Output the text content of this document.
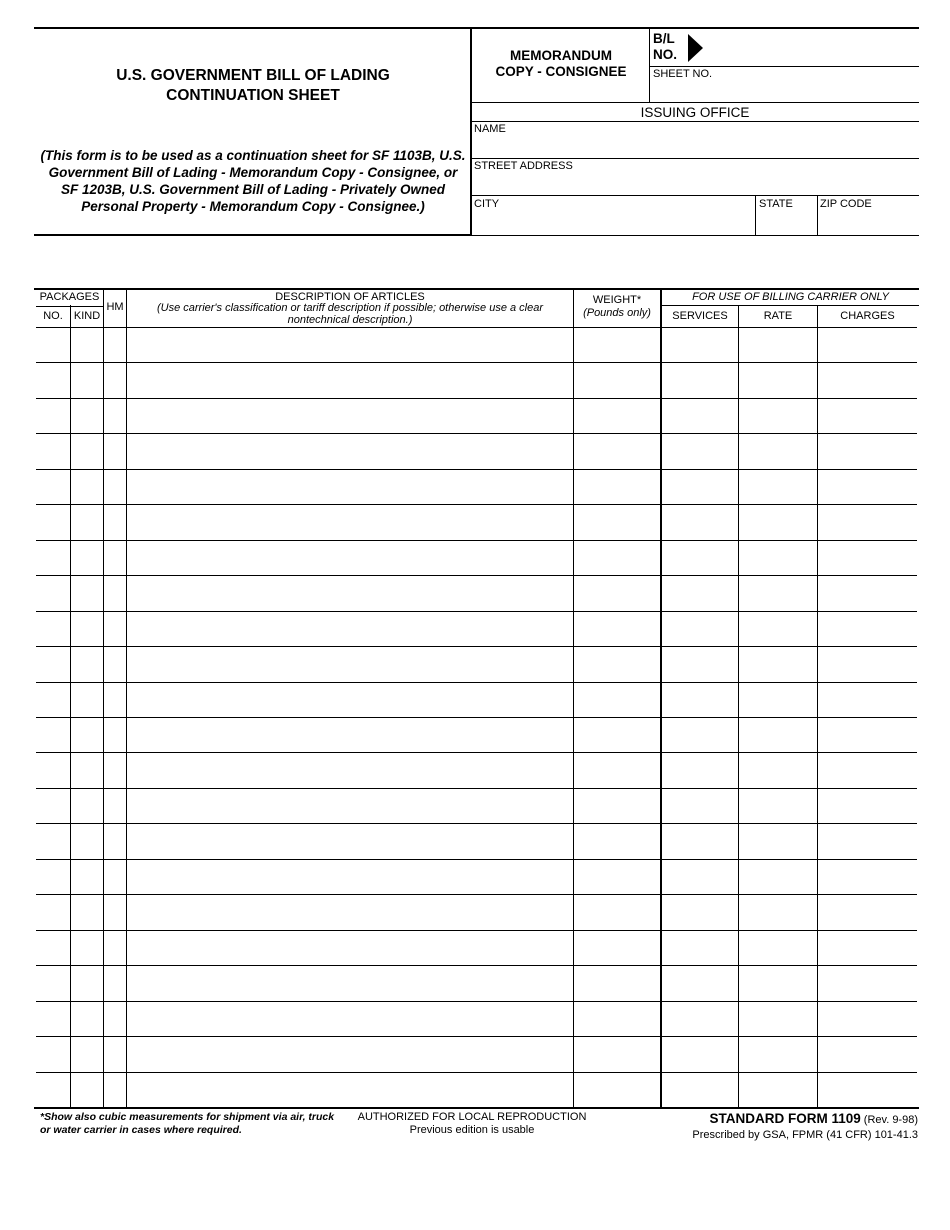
U.S. GOVERNMENT BILL OF LADING
CONTINUATION SHEET
(This form is to be used as a continuation sheet for SF 1103B, U.S. Government Bill of Lading - Memorandum Copy - Consignee, or SF 1203B, U.S. Government Bill of Lading - Privately Owned Personal Property - Memorandum Copy - Consignee.)
MEMORANDUM
COPY - CONSIGNEE
B/L
NO.
SHEET NO.
ISSUING OFFICE
NAME
STREET ADDRESS
CITY	STATE ZIP CODE
PACKAGES
NO.	KIND
HM
DESCRIPTION OF ARTICLES
(Use carrier's classification or tariff description if possible; otherwise use a clear nontechnical description.)
WEIGHT*
(Pounds only)
FOR USE OF BILLING CARRIER ONLY
SERVICES	RATE	CHARGES
*Show also cubic measurements for shipment via air, truck or water carrier in cases where required.
AUTHORIZED FOR LOCAL REPRODUCTION
Previous edition is usable
STANDARD FORM 1109 (Rev. 9-98)
Prescribed by GSA, FPMR (41 CFR) 101-41.3
